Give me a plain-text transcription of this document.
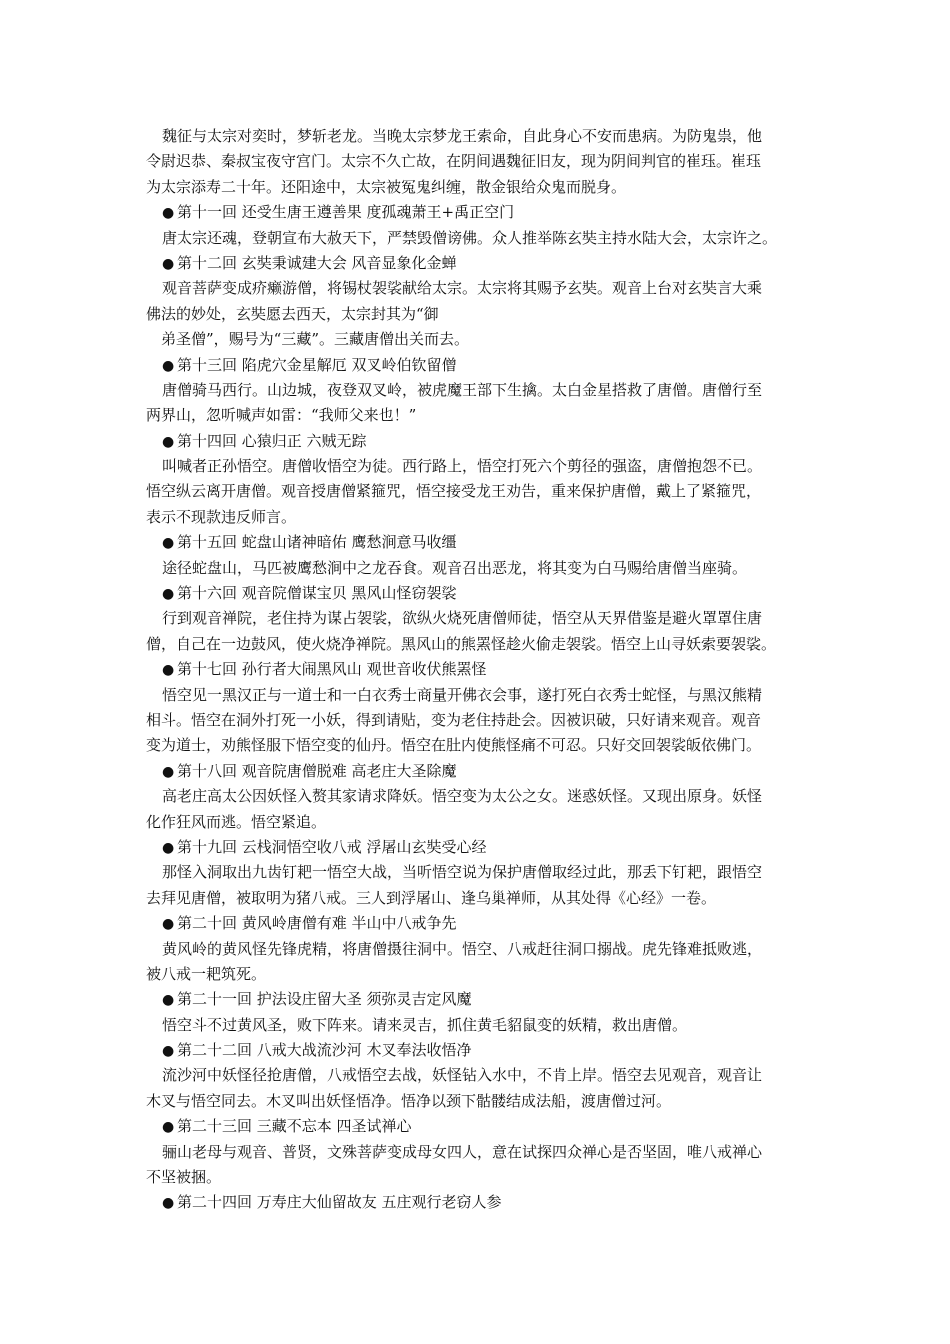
魏征与太宗对奕时，梦斩老龙。当晚太宗梦龙王索命，自此身心不安而患病。为防鬼祟，他
令尉迟恭、秦叔宝夜守宫门。太宗不久亡故，在阴间遇魏征旧友，现为阴间判官的崔珏。崔珏
为太宗添寿二十年。还阳途中，太宗被冤鬼纠缠，散金银给众鬼而脱身。
● 第十一回 还受生唐王遵善果 度孤魂萧王+禹正空门
唐太宗还魂，登朝宣布大赦天下，严禁毁僧谤佛。众人推举陈玄奘主持水陆大会，太宗许之。
● 第十二回 玄奘秉诚建大会 风音显象化金蝉
观音菩萨变成疥癞游僧，将锡杖袈裟献给太宗。太宗将其赐予玄奘。观音上台对玄奘言大乘
佛法的妙处，玄奘愿去西天，太宗封其为“御
　弟圣僧”，赐号为“三藏”。三藏唐僧出关而去。
● 第十三回 陷虎穴金星解厄 双叉岭伯钦留僧
唐僧骑马西行。山边城，夜登双叉岭，被虎魔王部下生擒。太白金星搭救了唐僧。唐僧行至
两界山，忽听喊声如雷：“我师父来也！”
● 第十四回 心猿归正 六贼无踪
叫喊者正孙悟空。唐僧收悟空为徒。西行路上，悟空打死六个剪径的强盗，唐僧抱怨不已。
悟空纵云离开唐僧。观音授唐僧紧箍咒，悟空接受龙王劝告，重来保护唐僧，戴上了紧箍咒，
表示不现款违反师言。
● 第十五回 蛇盘山诸神暗佑 鹰愁涧意马收缰
途径蛇盘山，马匹被鹰愁涧中之龙吞食。观音召出恶龙，将其变为白马赐给唐僧当座骑。
● 第十六回 观音院僧谋宝贝 黑风山怪窃袈裟
行到观音禅院，老住持为谋占袈裟，欲纵火烧死唐僧师徒，悟空从天界借鉴是避火罩罩住唐
僧，自己在一边鼓风，使火烧净禅院。黑风山的熊罴怪趁火偷走袈裟。悟空上山寻妖索要袈裟。
● 第十七回 孙行者大闹黑风山 观世音收伏熊罴怪
悟空见一黑汉正与一道士和一白衣秀士商量开佛衣会事，遂打死白衣秀士蛇怪，与黑汉熊精
相斗。悟空在洞外打死一小妖，得到请贴，变为老住持赴会。因被识破，只好请来观音。观音
变为道士，劝熊怪服下悟空变的仙丹。悟空在肚内使熊怪痛不可忍。只好交回袈裟皈依佛门。
● 第十八回 观音院唐僧脱难 高老庄大圣除魔
高老庄高太公因妖怪入赘其家请求降妖。悟空变为太公之女。迷惑妖怪。又现出原身。妖怪
化作狂风而逃。悟空紧追。
● 第十九回 云栈洞悟空收八戒 浮屠山玄奘受心经
那怪入洞取出九齿钉耙一悟空大战，当听悟空说为保护唐僧取经过此，那丢下钉耙，跟悟空
去拜见唐僧，被取明为猪八戒。三人到浮屠山、逢乌巢禅师，从其处得《心经》一卷。
● 第二十回 黄风岭唐僧有难 半山中八戒争先
黄风岭的黄风怪先锋虎精，将唐僧摄往洞中。悟空、八戒赶往洞口搦战。虎先锋难抵败逃，
被八戒一耙筑死。
● 第二十一回 护法设庄留大圣 须弥灵吉定风魔
悟空斗不过黄风圣，败下阵来。请来灵吉，抓住黄毛貂鼠变的妖精，救出唐僧。
● 第二十二回 八戒大战流沙河 木叉奉法收悟净
流沙河中妖怪径抢唐僧，八戒悟空去战，妖怪钻入水中，不肯上岸。悟空去见观音，观音让
木叉与悟空同去。木叉叫出妖怪悟净。悟净以颈下骷髅结成法船，渡唐僧过河。
● 第二十三回 三藏不忘本 四圣试禅心
骊山老母与观音、普贤，文殊菩萨变成母女四人，意在试探四众禅心是否坚固，唯八戒禅心
不坚被捆。
● 第二十四回 万寿庄大仙留故友 五庄观行老窃人参
